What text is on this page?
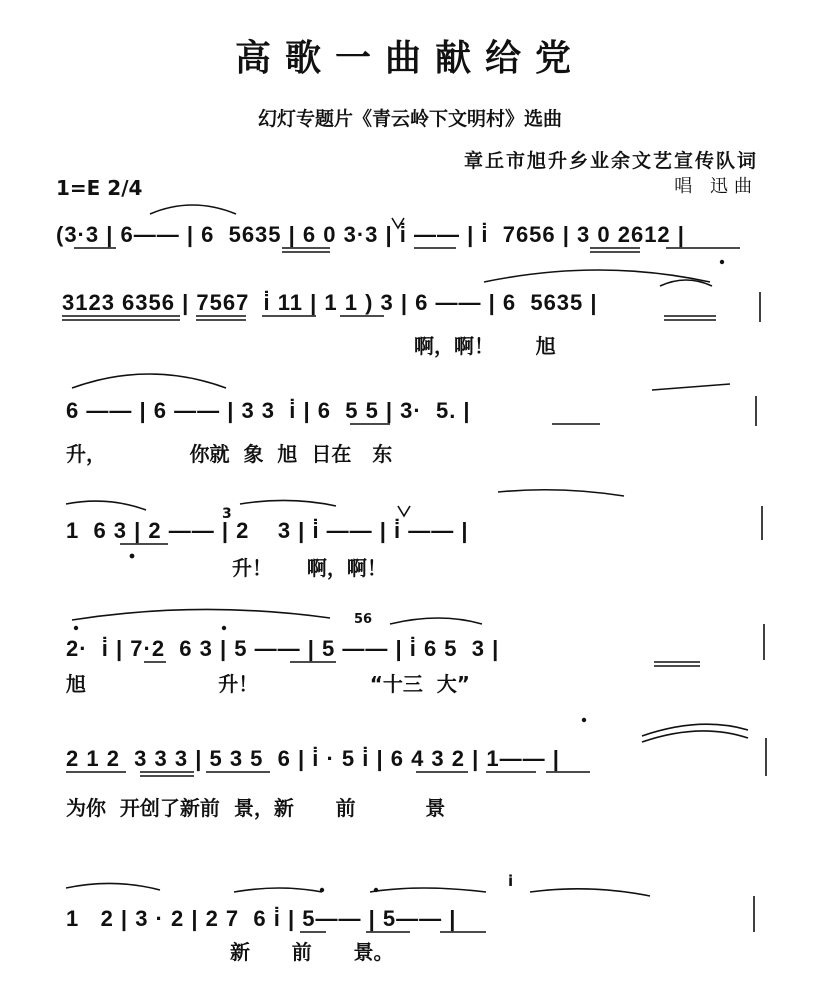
高歌一曲献给党
幻灯专题片《青云岭下文明村》选曲
章丘市旭升乡业余文艺宣传队词
唱 迅曲
1=E 2/4
(3·3 | 6—— | 6  5635 | 6 0 3·3 | i̇ —— | i̇  7656 | 3 0 2612 |
3123 6356 | 7567  i̇ 11 | 1 1 ) 3 | 6 —— | 6  5635 |
啊，啊！      旭
6 —— | 6 —— | 3 3  i̇ | 6  5 5 | 3·  5. |
升，            你就  象  旭  日在   东
1  6 3 | 2 —— | 2    3 | i̇ —— | i̇ —— |
升！     啊，啊！
2·  i̇ | 7·2  6 3 | 5 —— | 5 —— | i̇ 6 5  3 |
旭                   升！                “十三  大”
2 1 2  3 3 3 | 5 3 5  6 | i̇ · 5 i̇ | 6 4 3 2 | 1—— |
为你  开创了新前  景，新      前          景
1   2 | 3 · 2 | 2 7  6 i̇ | 5—— | 5—— |
新      前      景。
3
56
i
